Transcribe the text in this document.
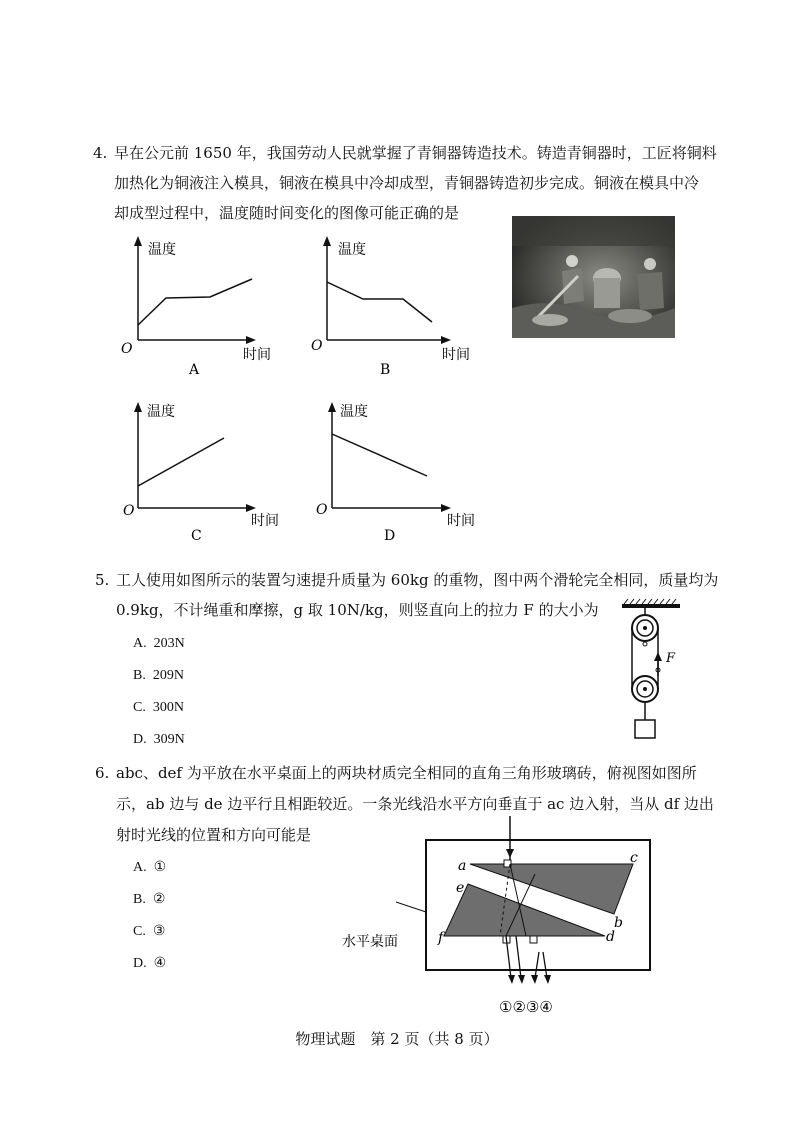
4. 早在公元前 1650 年，我国劳动人民就掌握了青铜器铸造技术。铸造青铜器时，工匠将铜料
加热化为铜液注入模具，铜液在模具中冷却成型，青铜器铸造初步完成。铜液在模具中冷
却成型过程中，温度随时间变化的图像可能正确的是
温度
时间
O
A
温度
时间
O
B
温度
时间
O
C
温度
时间
O
D
5. 工人使用如图所示的装置匀速提升质量为 60kg 的重物，图中两个滑轮完全相同，质量均为
0.9kg，不计绳重和摩擦，g 取 10N/kg，则竖直向上的拉力 F 的大小为
A. 203N
B. 209N
C. 300N
D. 309N
F
6. abc、def 为平放在水平桌面上的两块材质完全相同的直角三角形玻璃砖，俯视图如图所
示，ab 边与 de 边平行且相距较近。一条光线沿水平方向垂直于 ac 边入射，当从 df 边出
射时光线的位置和方向可能是
A. ①
B. ②
C. ③
D. ④
水平桌面
a	c
b
e
d
f
①②③④
物理试题　第 2 页（共 8 页）
